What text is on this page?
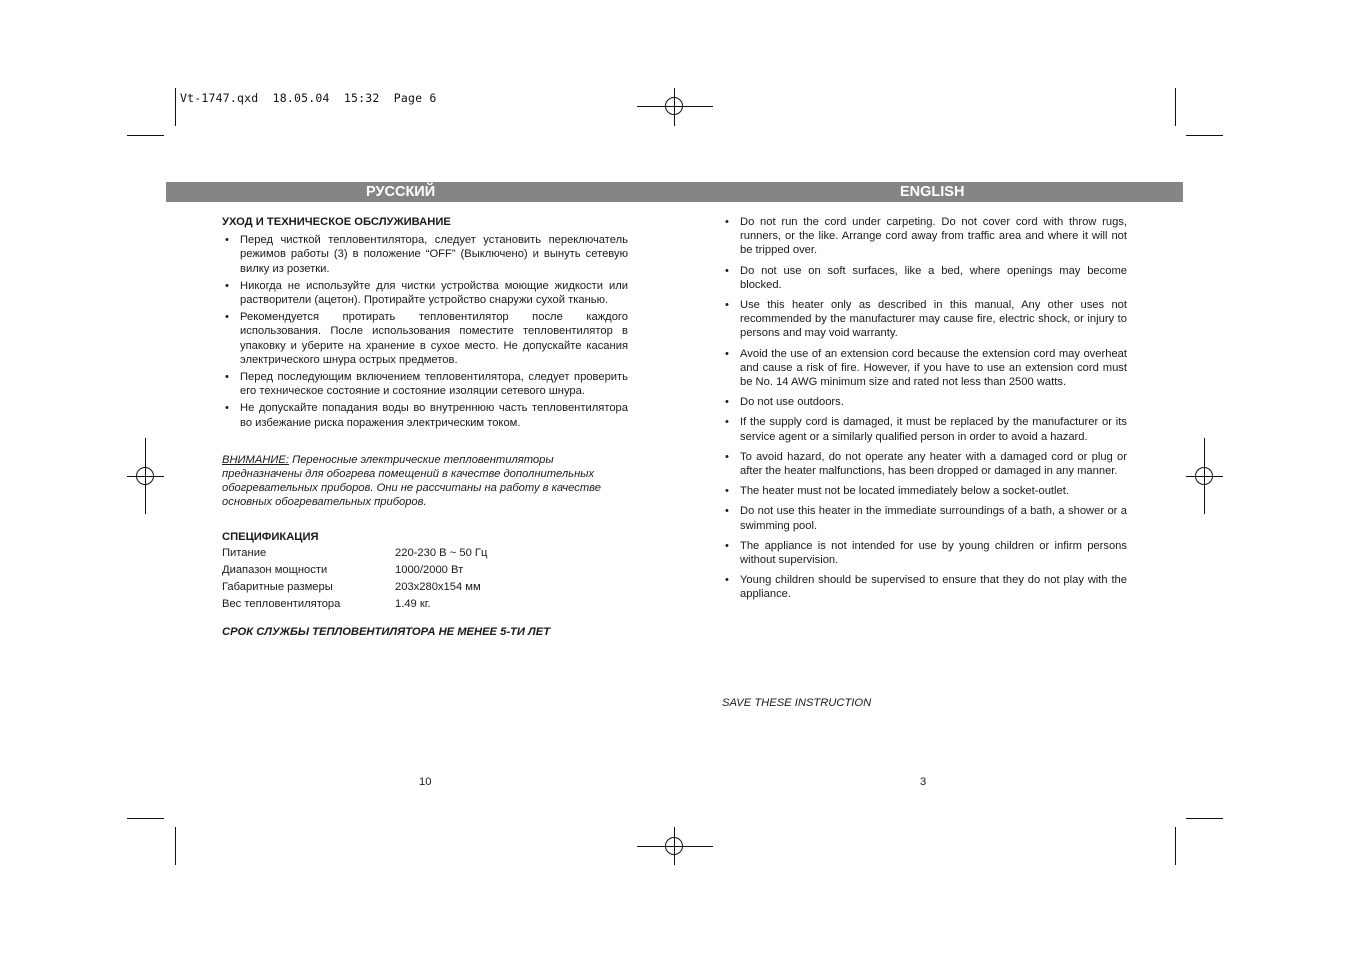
Vt-1747.qxd  18.05.04  15:32  Page 6
РУССКИЙ	ENGLISH
УХОД И ТЕХНИЧЕСКОЕ ОБСЛУЖИВАНИЕ
• Перед чисткой тепловентилятора, следует установить переключатель режимов работы (3) в положение “OFF” (Выключено) и вынуть сетевую вилку из розетки.
• Никогда не используйте для чистки устройства моющие жидкости или растворители (ацетон). Протирайте устройство снаружи сухой тканью.
• Рекомендуется протирать тепловентилятор после каждого использования. После использования поместите тепловентилятор в упаковку и уберите на хранение в сухое место. Не допускайте касания электрического шнура острых предметов.
• Перед последующим включением тепловентилятора, следует проверить его техническое состояние и состояние изоляции сетевого шнура.
• Не допускайте попадания воды во внутреннюю часть тепловентилятора во избежание риска поражения электрическим током.
ВНИМАНИЕ: Переносные электрические тепловентиляторы предназначены для обогрева помещений в качестве дополнительных обогревательных приборов. Они не рассчитаны на работу в качестве основных обогревательных приборов.
СПЕЦИФИКАЦИЯ
Питание	220-230 В ~ 50 Гц
Диапазон мощности	1000/2000 Вт
Габаритные размеры	203x280x154 мм
Вес тепловентилятора	1.49 кг.
СРОК СЛУЖБЫ ТЕПЛОВЕНТИЛЯТОРА НЕ МЕНЕЕ 5-ТИ ЛЕТ
• Do not run the cord under carpeting. Do not cover cord with throw rugs, runners, or the like. Arrange cord away from traffic area and where it will not be tripped over.
• Do not use on soft surfaces, like a bed, where openings may become blocked.
• Use this heater only as described in this manual, Any other uses not recommended by the manufacturer may cause fire, electric shock, or injury to persons and may void warranty.
• Avoid the use of an extension cord because the extension cord may overheat and cause a risk of fire. However, if you have to use an extension cord must be No. 14 AWG minimum size and rated not less than 2500 watts.
• Do not use outdoors.
• If the supply cord is damaged, it must be replaced by the manufacturer or its service agent or a similarly qualified person in order to avoid a hazard.
• To avoid hazard, do not operate any heater with a damaged cord or plug or after the heater malfunctions, has been dropped or damaged in any manner.
• The heater must not be located immediately below a socket-outlet.
• Do not use this heater in the immediate surroundings of a bath, a shower or a swimming pool.
• The appliance is not intended for use by young children or infirm persons without supervision.
• Young children should be supervised to ensure that they do not play with the appliance.
SAVE THESE INSTRUCTION
10	3
